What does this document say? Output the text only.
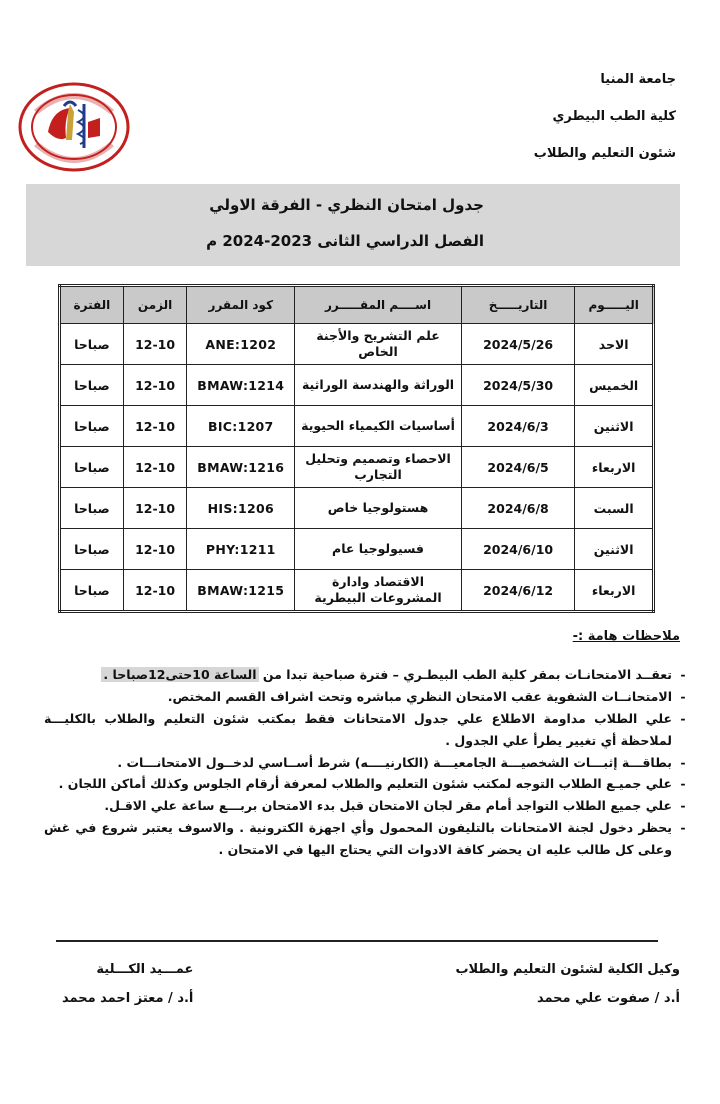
جامعة المنيا
كلية الطب البيطري
شئون التعليم والطلاب
جدول امتحان النظري - الفرقة الاولي
الفصل الدراسي الثانى 2023-2024 م
اليـــــوم	التاريـــــخ	اســــم المقـــــرر	كود المقرر	الزمن	الفترة
الاحد	2024/5/26	علم التشريح والأجنة الخاص	ANE:1202	12-10	صباحا
الخميس	2024/5/30	الوراثة والهندسة الوراثية	BMAW:1214	12-10	صباحا
الاثنين	2024/6/3	أساسيات الكيمياء الحيوية	BIC:1207	12-10	صباحا
الاربعاء	2024/6/5	الاحصاء وتصميم وتحليل التجارب	BMAW:1216	12-10	صباحا
السبت	2024/6/8	هستولوجيا خاص	HIS:1206	12-10	صباحا
الاثنين	2024/6/10	فسيولوجيا عام	PHY:1211	12-10	صباحا
الاربعاء	2024/6/12	الاقتصاد وادارة المشروعات البيطرية	BMAW:1215	12-10	صباحا
ملاحظات هامة :-
-
تعقــد الامتحانـات بمقر كلية الطب البيطـري – فترة صباحية تبدا من الساعة 10حتى12صباحا .
-
الامتحانــات الشفوية عقب الامتحان النظري مباشره وتحت اشراف القسم المختص.
-
علي الطلاب مداومة الاطلاع علي جدول الامتحانات فقط بمكتب شئون التعليم والطلاب بالكليـــة لملاحظة أي تغيير يطرأ علي الجدول .
-
بطاقـــة إثبـــات الشخصيـــة الجامعيـــة (الكارنيــــه) شرط أســاسي لدخــول الامتحانـــات .
-
علي جميـع الطلاب التوجه لمكتب شئون التعليم والطلاب لمعرفة أرقام الجلوس وكذلك أماكن اللجان .
-
علي جميع الطلاب التواجد أمام مقر لجان الامتحان قبل بدء الامتحان بربـــع ساعة علي الاقـل.
-
يحظر دخول لجنة الامتحانات بالتليفون المحمول وأي اجهزة الكترونية . والاسوف يعتبر شروع في غش وعلى كل طالب عليه ان يحضر كافة الادوات التي يحتاج اليها في الامتحان .
وكيل الكلية لشئون التعليم والطلاب
أ.د / صفوت علي محمد
عمـــيد الكـــلية
أ.د / معتز احمد محمد
